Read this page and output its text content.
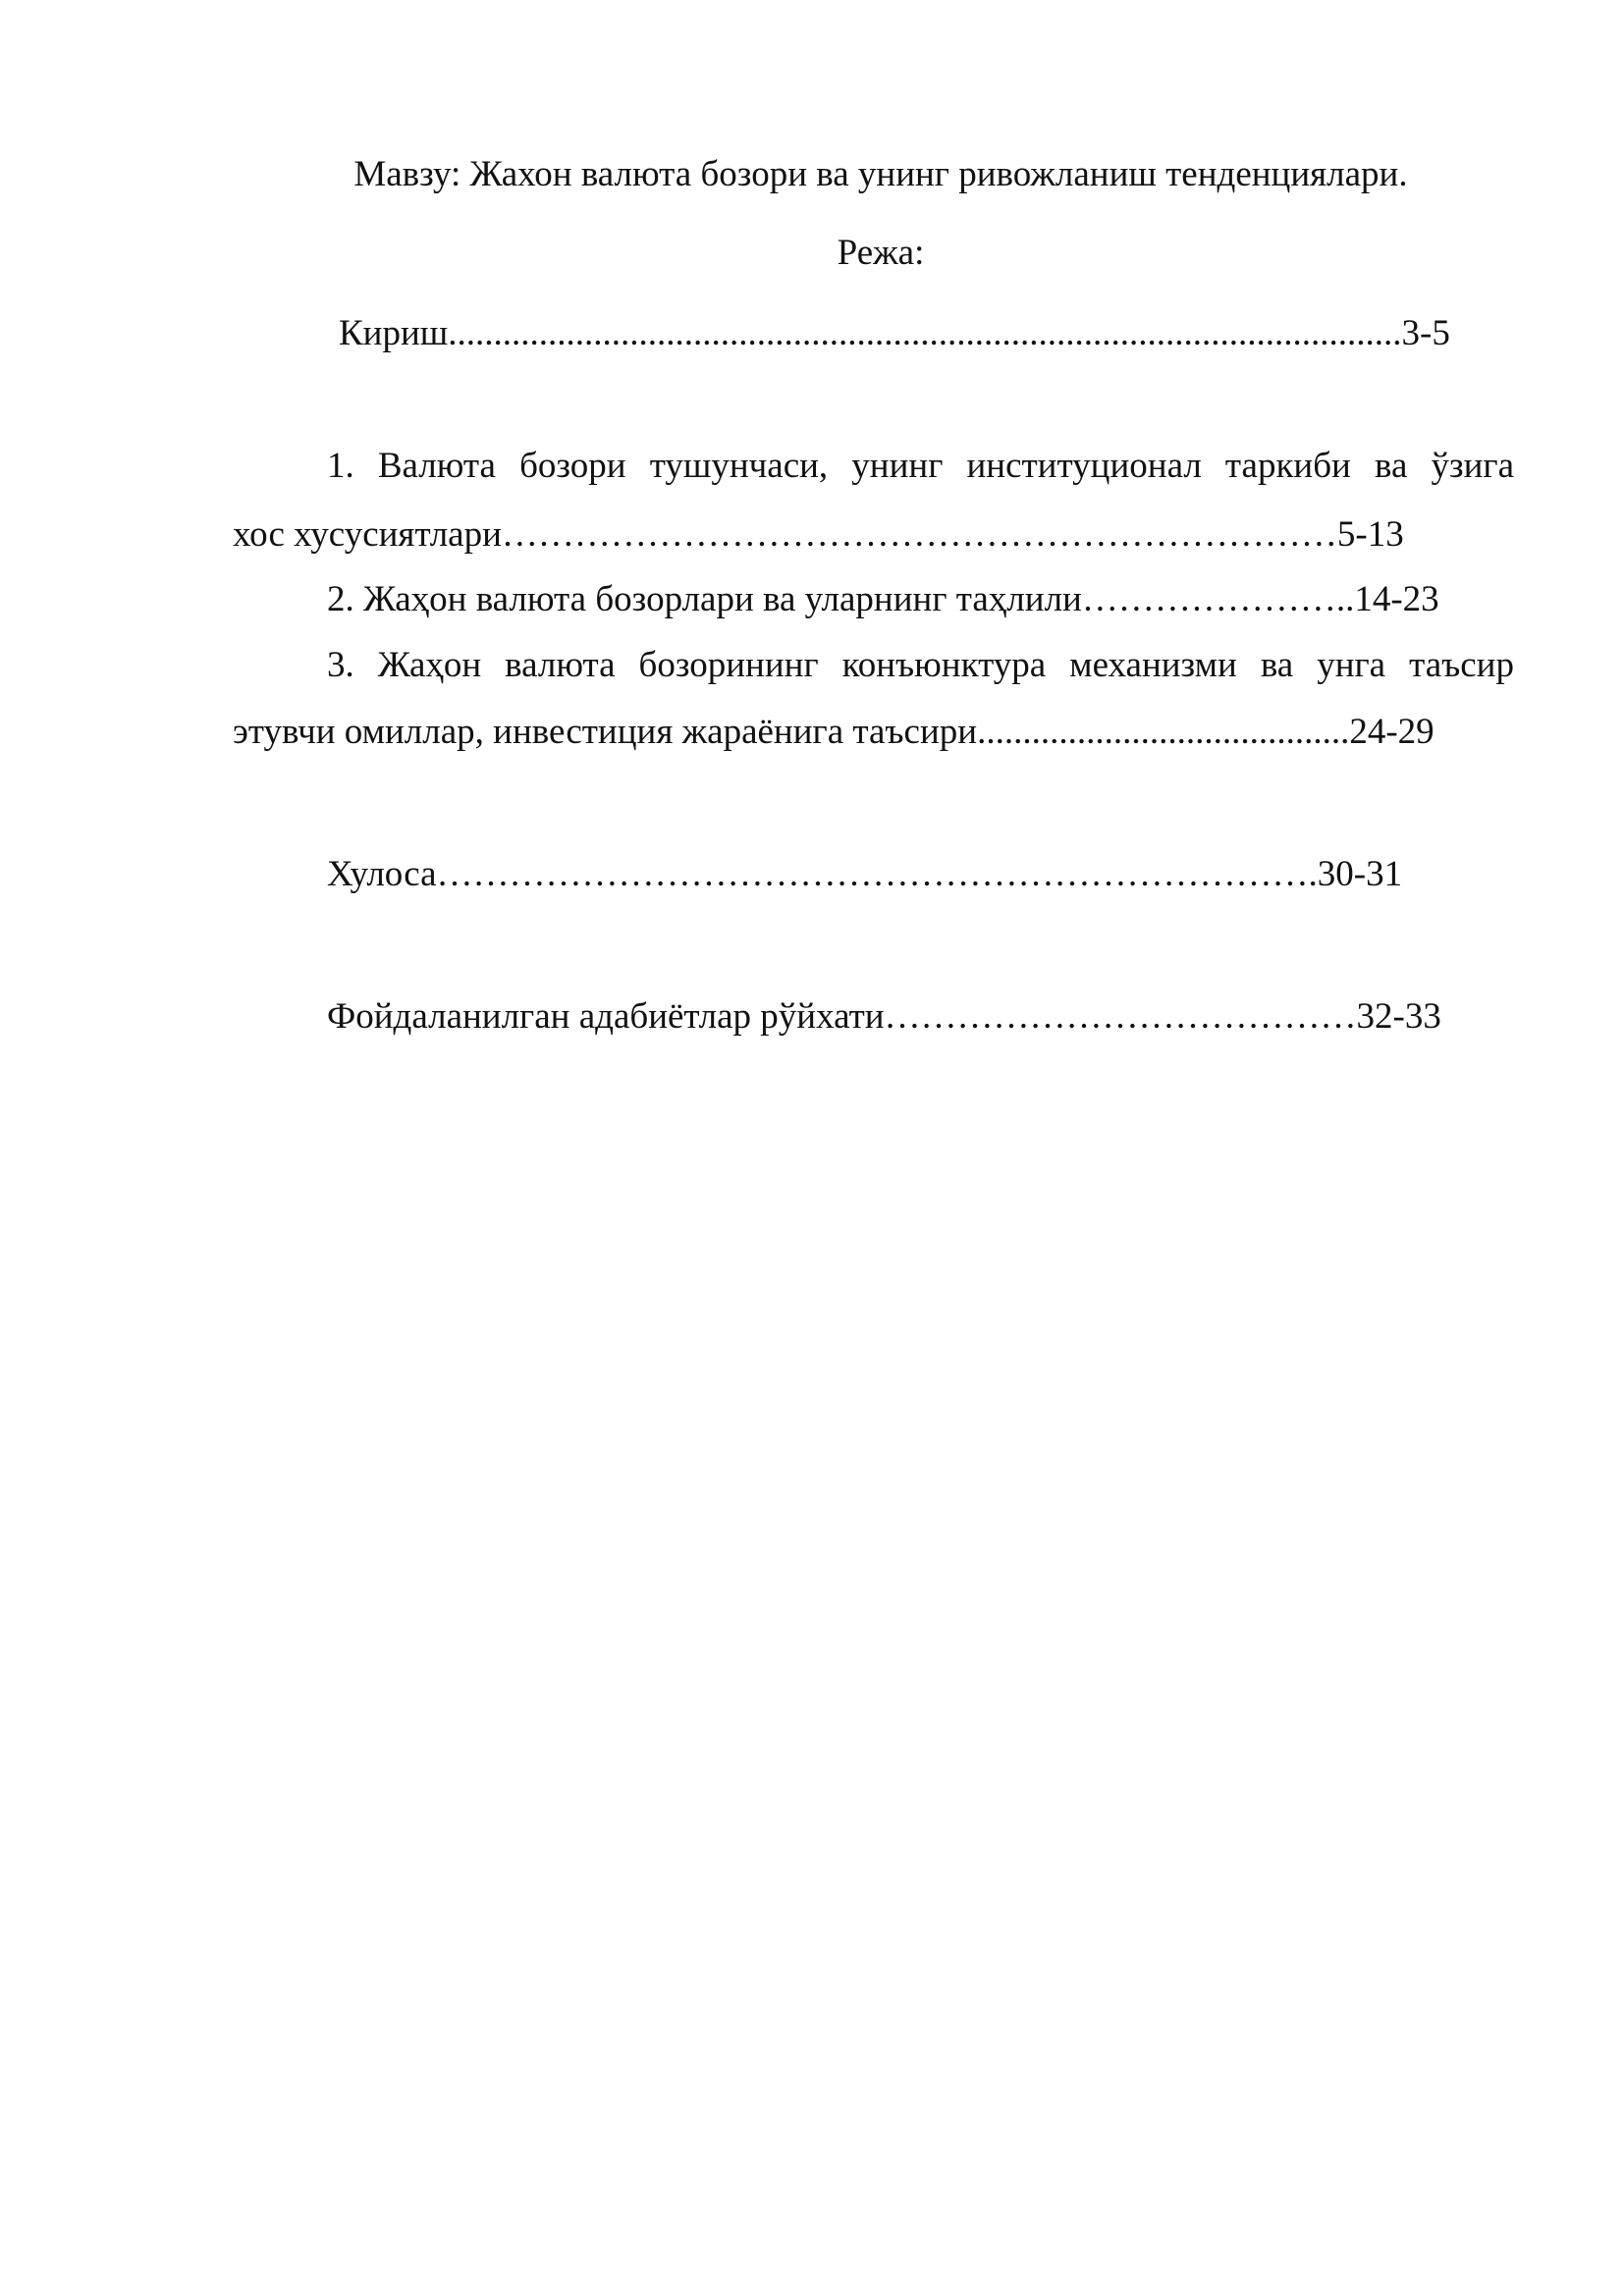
Мавзу: Жахон валюта бозори ва унинг ривожланиш тенденциялари.
Режа:
Кириш.........................................................................................................3-5
1. Валюта бозори тушунчаси, унинг институционал таркиби ва ўзига
хос хусусиятлари……………………………………………………………5-13
2. Жаҳон валюта бозорлари ва уларнинг таҳлили…………………..14-23
3. Жаҳон валюта бозорининг конъюнктура механизми ва унга таъсир
этувчи омиллар, инвестиция жараёнига таъсири.........................................24-29
Хулоса……………………………………………………………….30-31
Фойдаланилган адабиётлар рўйхати…………………………………32-33
